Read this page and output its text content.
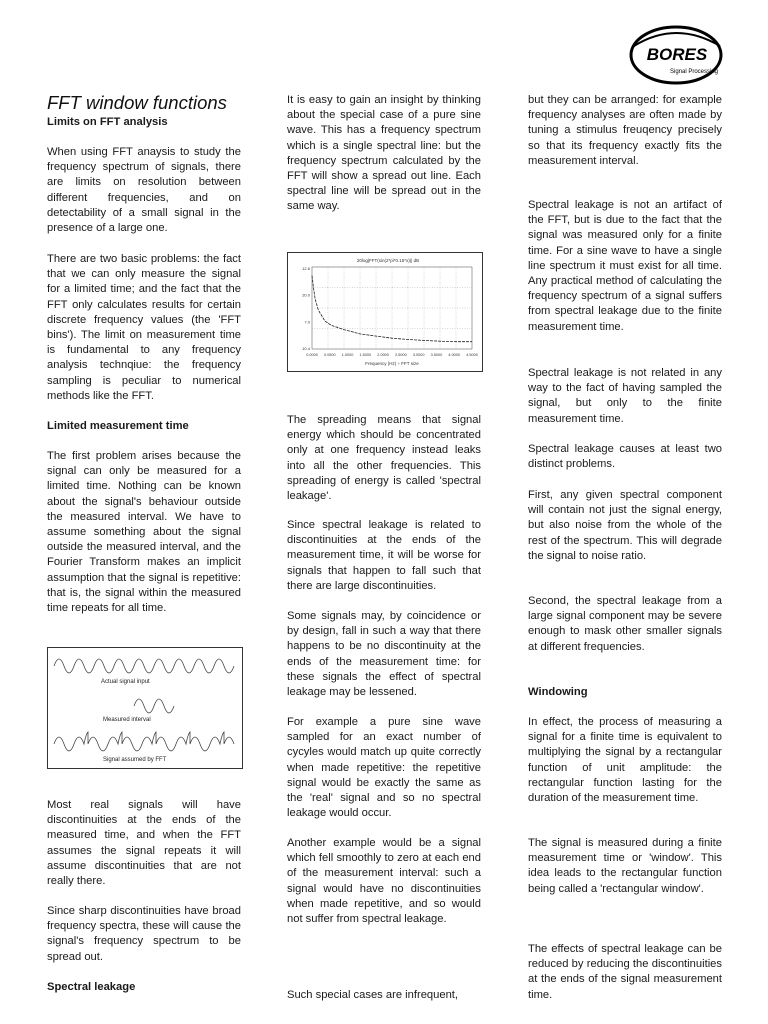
BORES
Signal Processing
FFT window functions
Limits on FFT analysis

When using FFT anaysis to study the frequency spectrum of signals, there are limits on resolution between different frequencies, and on detectability of a small signal in the presence of a large one.

There are two basic problems: the fact that we can only measure the signal for a limited time; and the fact that the FFT only calculates results for certain discrete frequency values (the 'FFT bins'). The limit on measurement time is fundamental to any frequency analysis technqiue: the frequency sampling is peculiar to numerical methods like the FFT.

Limited measurement time

The first problem arises because the signal can only be measured for a limited time. Nothing can be known about the signal's behaviour outside the measured interval. We have to assume something about the signal outside the measured interval, and the Fourier Transform makes an implicit assumption that the signal is repetitive: that is, the signal within the measured time repeats for all time.

Most real signals will have discontinuities at the ends of the measured time, and when the FFT assumes the signal repeats it will assume discontinuities that are not really there.

Since sharp discontinuities have broad frequency spectra, these will cause the signal's frequency spectrum to be spread out.

Spectral leakage
Actual signal input
Measured interval
Signal assumed by FFT

It is easy to gain an insight by thinking about the special case of a pure sine wave. This has a frequency spectrum which is a single spectral line: but the frequency spectrum calculated by the FFT will show a spread out line. Each spectral line will be spread out in the same way.

The spreading means that signal energy which should be concentrated only at one frequency instead leaks into all the other frequencies. This spreading of energy is called 'spectral leakage'.

Since spectral leakage is related to discontinuities at the ends of the measurement time, it will be worse for signals that happen to fall such that there are large discontinuities.

Some signals may, by coincidence or by design, fall in such a way that there happens to be no discontinuity at the ends of the measurement time: for these signals the effect of spectral leakage may be lessened.

For example a pure sine wave sampled for an exact number of cycyles would match up quite correctly when made repetitive: the repetitive signal would be exactly the same as the 'real' signal and so no spectral leakage would occur.

Another example would be a signal which fell smoothly to zero at each end of the measurement interval: such a signal would have no discontinuities when made repetitive, and so would not suffer from spectral leakage.

Such special cases are infrequent,

20log|FFT(sin(2*pi*0.15*x))| dB
12.6
20.0
7.0
10.4
0.0000 0.0500 1.0000 1.5000 2.0000 2.5000 3.0000 3.5000 4.0000 4.5000
Frequency (Hz) ÷ FFT size

but they can be arranged: for example frequency analyses are often made by tuning a stimulus freuqency precisely so that its frequency exactly fits the measurement interval.

Spectral leakage is not an artifact of the FFT, but is due to the fact that the signal was measured only for a finite time. For a sine wave to have a single line spectrum it must exist for all time. Any practical method of calculating the frequency spectrum of a signal suffers from spectral leakage due to the finite measurement time.

Spectral leakage is not related in any way to the fact of having sampled the signal, but only to the finite measurement time.

Spectral leakage causes at least two distinct problems.

First, any given spectral component will contain not just the signal energy, but also noise from the whole of the rest of the spectrum. This will degrade the signal to noise ratio.

Second, the spectral leakage from a large signal component may be severe enough to mask other smaller signals at different frequencies.

Windowing

In effect, the process of measuring a signal for a finite time is equivalent to multiplying the signal by a rectangular function of unit amplitude: the rectangular function lasting for the duration of the measurement time.

The signal is measured during a finite measurement time or 'window'. This idea leads to the rectangular function being called a 'rectangular window'.

The effects of spectral leakage can be reduced by reducing the discontinuities at the ends of the signal measurement time.
